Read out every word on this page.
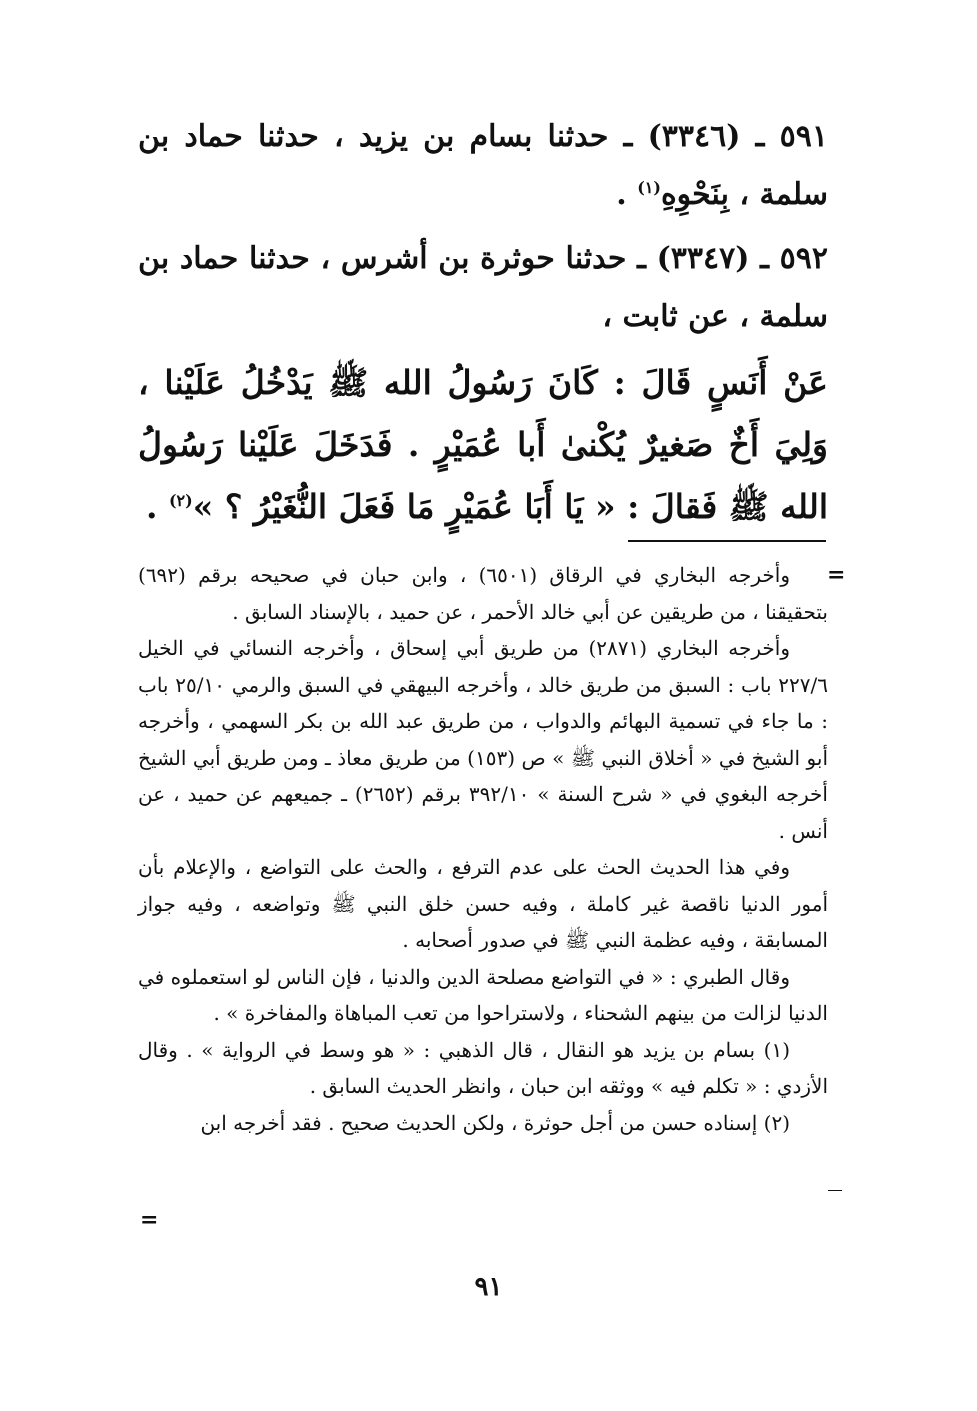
٥٩١ ـ (٣٣٤٦) ـ حدثنا بسام بن يزيد ، حدثنا حماد بن سلمة ، بِنَحْوِهِ$^{(١)}$ .

٥٩٢ ـ (٣٣٤٧) ـ حدثنا حوثرة بن أشرس ، حدثنا حماد بن سلمة ، عن ثابت ،

عَنْ أَنَسٍ قَالَ : كَانَ رَسُولُ الله ﷺ يَدْخُلُ عَلَيْنا ، وَلِيَ أَخٌ صَغيرٌ يُكْنىٰ أَبا عُمَيْرٍ . فَدَخَلَ عَلَيْنا رَسُولُ الله ﷺ فَقالَ : « يَا أَبَا عُمَيْرٍ مَا فَعَلَ النُّغَيْرُ ؟ »$^{(٢)}$ .

=

وأخرجه البخاري في الرقاق (٦٥٠١) ، وابن حبان في صحيحه برقم (٦٩٢) بتحقيقنا ، من طريقين عن أبي خالد الأحمر ، عن حميد ، بالإسناد السابق .

وأخرجه البخاري (٢٨٧١) من طريق أبي إسحاق ، وأخرجه النسائي في الخيل ٢٢٧/٦ باب : السبق من طريق خالد ، وأخرجه البيهقي في السبق والرمي ٢٥/١٠ باب : ما جاء في تسمية البهائم والدواب ، من طريق عبد الله بن بكر السهمي ، وأخرجه أبو الشيخ في « أخلاق النبي ﷺ » ص (١٥٣) من طريق معاذ ـ ومن طريق أبي الشيخ أخرجه البغوي في « شرح السنة » ٣٩٢/١٠ برقم (٢٦٥٢) ـ جميعهم عن حميد ، عن أنس .

وفي هذا الحديث الحث على عدم الترفع ، والحث على التواضع ، والإعلام بأن أمور الدنيا ناقصة غير كاملة ، وفيه حسن خلق النبي ﷺ وتواضعه ، وفيه جواز المسابقة ، وفيه عظمة النبي ﷺ في صدور أصحابه .

وقال الطبري : « في التواضع مصلحة الدين والدنيا ، فإن الناس لو استعملوه في الدنيا لزالت من بينهم الشحناء ، ولاستراحوا من تعب المباهاة والمفاخرة » .

(١) بسام بن يزيد هو النقال ، قال الذهبي : « هو وسط في الرواية » . وقال الأزدي : « تكلم فيه » ووثقه ابن حبان ، وانظر الحديث السابق .

(٢) إسناده حسن من أجل حوثرة ، ولكن الحديث صحيح . فقد أخرجه ابن

=
٩١
